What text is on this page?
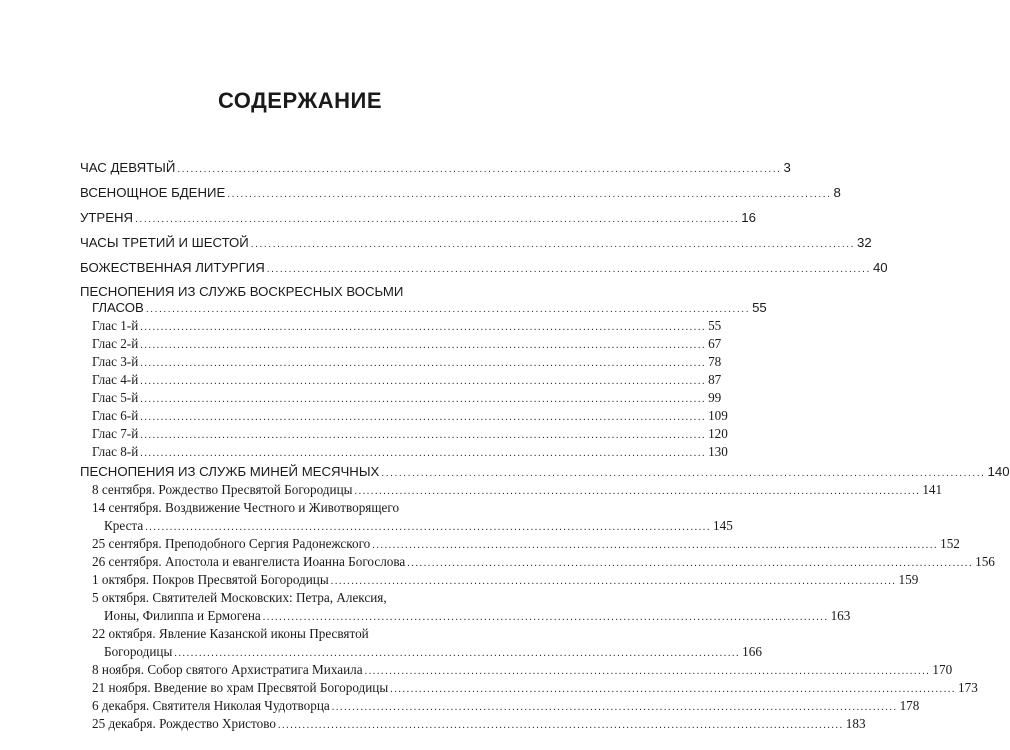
СОДЕРЖАНИЕ
ЧАС ДЕВЯТЫЙ .......................................................................................................................................... 3
ВСЕНОЩНОЕ БДЕНИЕ .......................................................................................................................................... 8
УТРЕНЯ .......................................................................................................................................... 16
ЧАСЫ ТРЕТИЙ И ШЕСТОЙ .......................................................................................................................................... 32
БОЖЕСТВЕННАЯ ЛИТУРГИЯ .......................................................................................................................................... 40
ПЕСНОПЕНИЯ ИЗ СЛУЖБ ВОСКРЕСНЫХ ВОСЬМИ
ГЛАСОВ .......................................................................................................................................... 55
Глас 1-й .......................................................................................................................................... 55
Глас 2-й .......................................................................................................................................... 67
Глас 3-й .......................................................................................................................................... 78
Глас 4-й .......................................................................................................................................... 87
Глас 5-й .......................................................................................................................................... 99
Глас 6-й .......................................................................................................................................... 109
Глас 7-й .......................................................................................................................................... 120
Глас 8-й .......................................................................................................................................... 130
ПЕСНОПЕНИЯ ИЗ СЛУЖБ МИНЕЙ МЕСЯЧНЫХ .......................................................................................................................................... 140
8 сентября. Рождество Пресвятой Богородицы .......................................................................................................................................... 141
14 сентября. Воздвижение Честного и Животворящего
Креста .......................................................................................................................................... 145
25 сентября. Преподобного Сергия Радонежского .......................................................................................................................................... 152
26 сентября. Апостола и евангелиста Иоанна Богослова .......................................................................................................................................... 156
1 октября. Покров Пресвятой Богородицы .......................................................................................................................................... 159
5 октября. Святителей Московских: Петра, Алексия,
Ионы, Филиппа и Ермогена .......................................................................................................................................... 163
22 октября. Явление Казанской иконы Пресвятой
Богородицы .......................................................................................................................................... 166
8 ноября. Собор святого Архистратига Михаила .......................................................................................................................................... 170
21 ноября. Введение во храм Пресвятой Богородицы .......................................................................................................................................... 173
6 декабря. Святителя Николая Чудотворца .......................................................................................................................................... 178
25 декабря. Рождество Христово .......................................................................................................................................... 183
